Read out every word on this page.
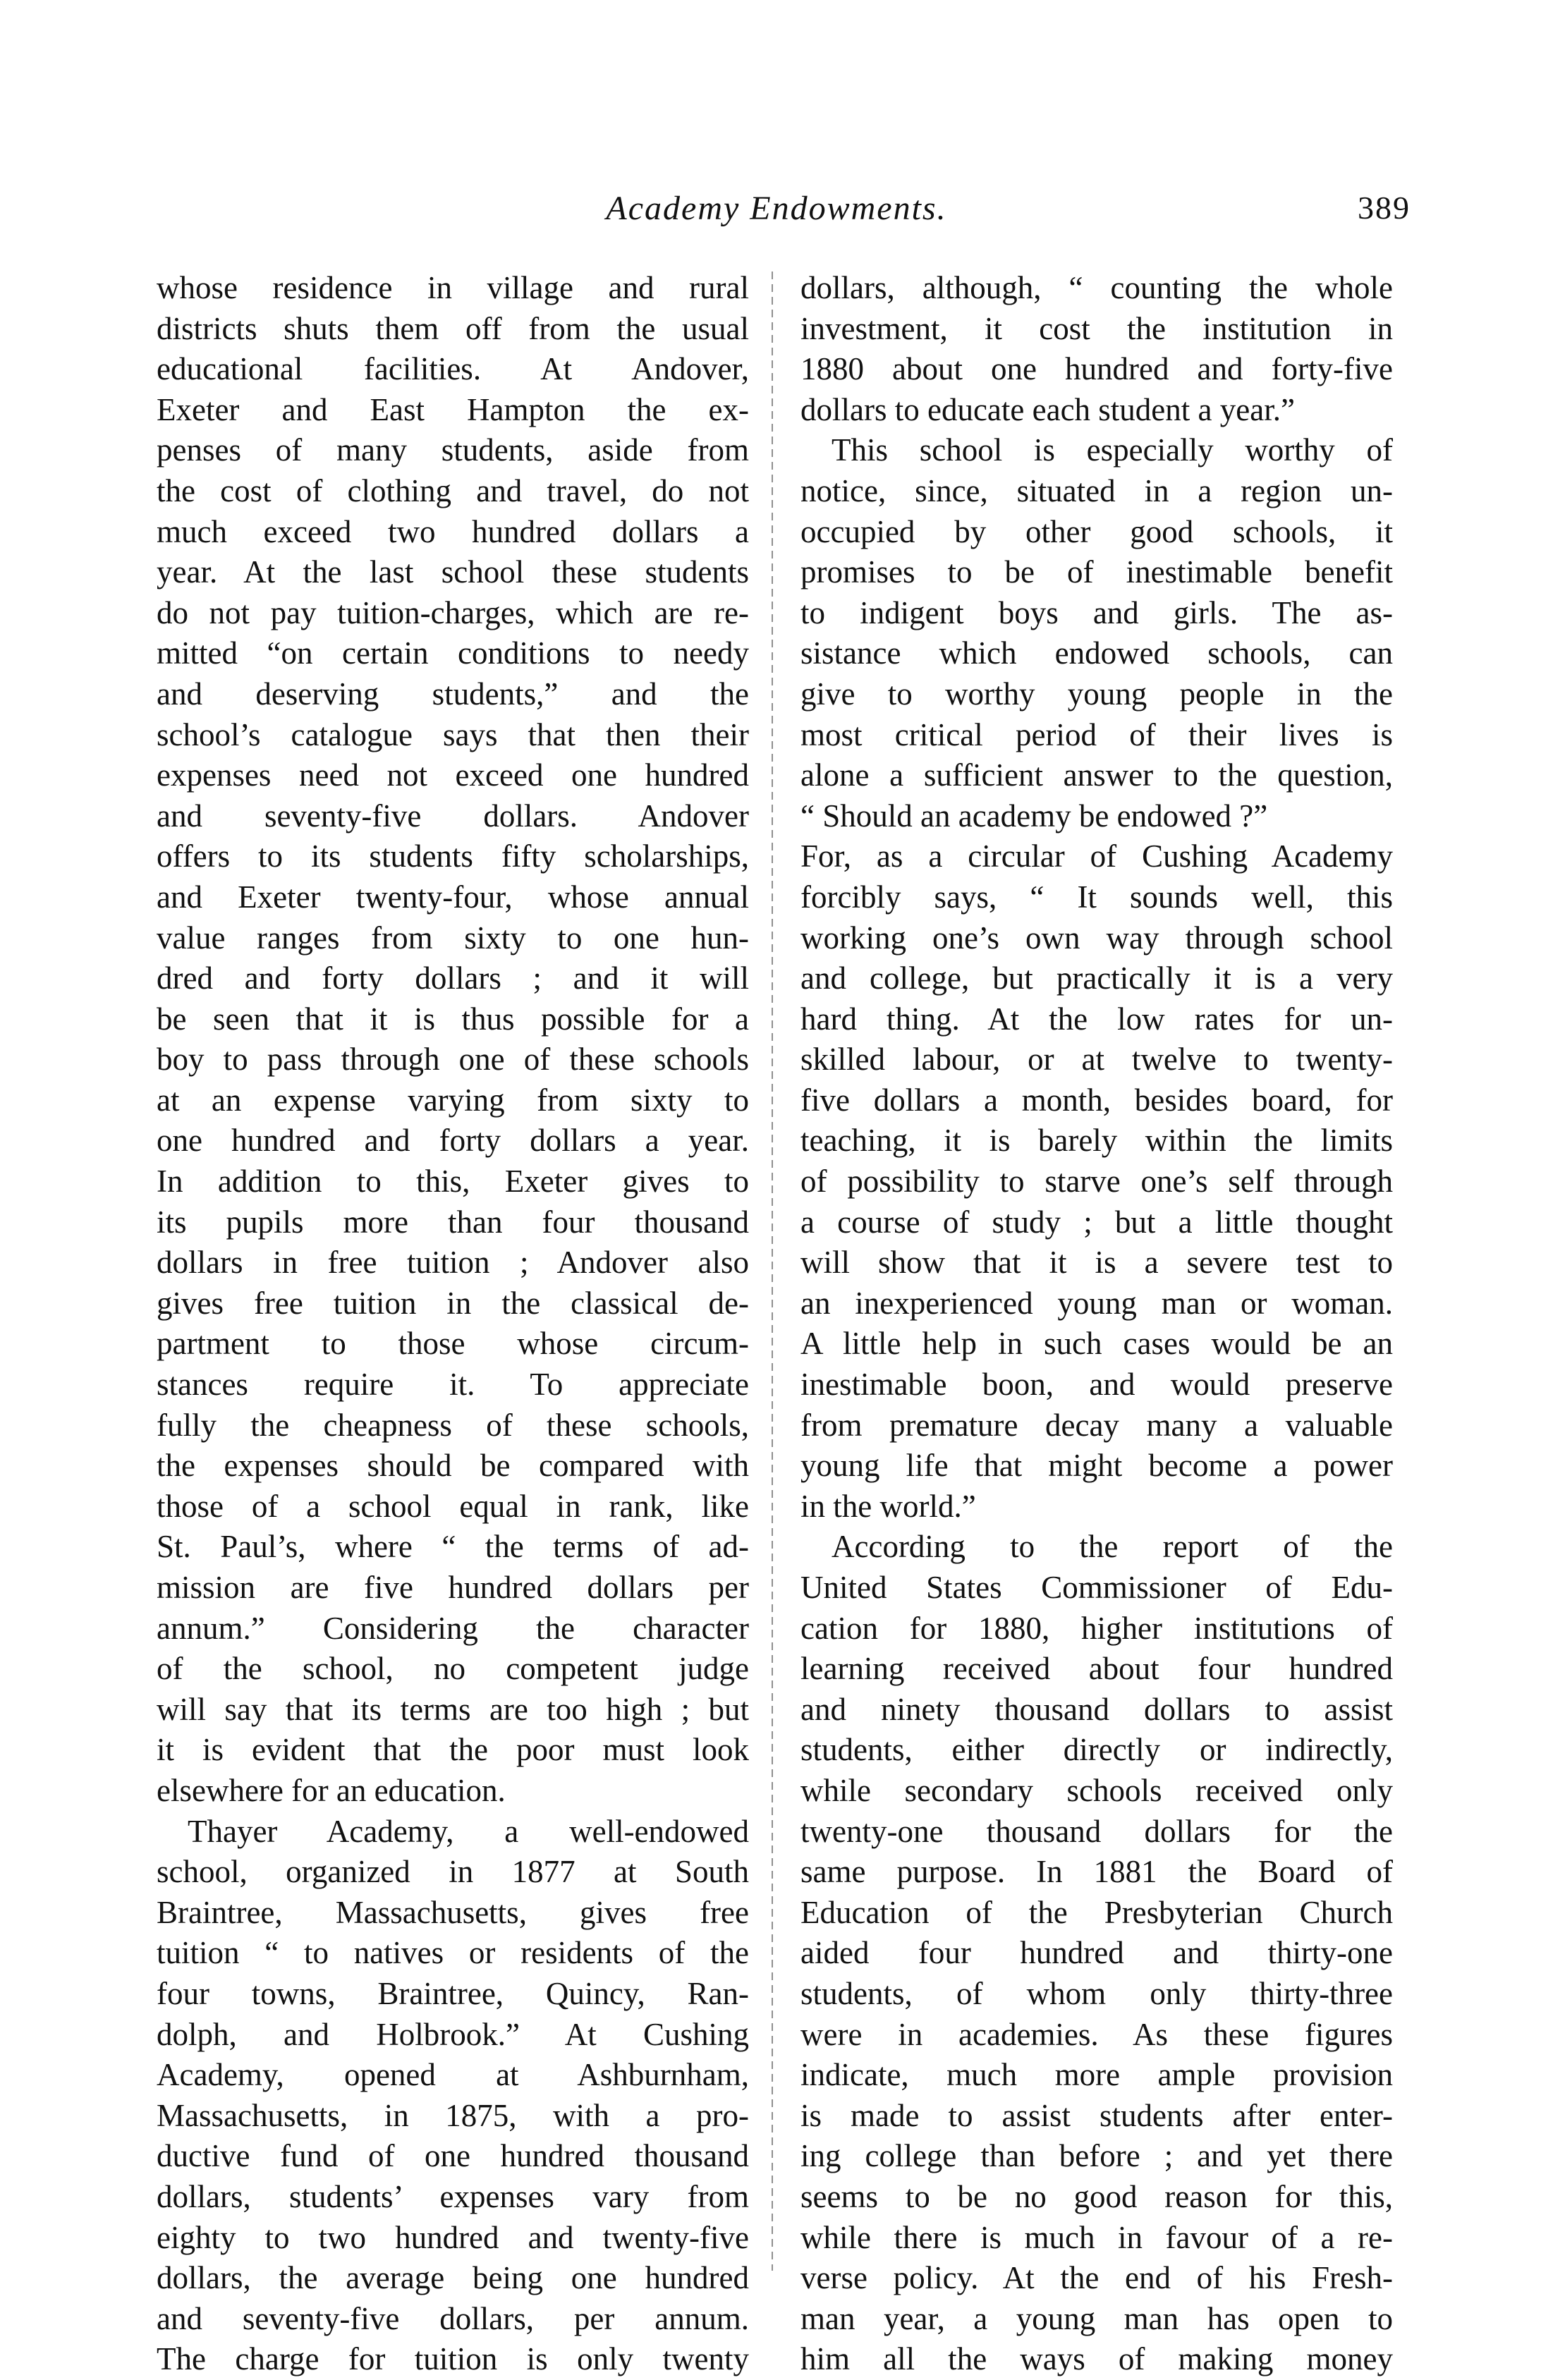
Academy Endowments.	389
whose residence in village and rural
districts shuts them off from the usual
educational facilities. At Andover,
Exeter and East Hampton the ex-
penses of many students, aside from
the cost of clothing and travel, do not
much exceed two hundred dollars a
year. At the last school these students
do not pay tuition-charges, which are re-
mitted “on certain conditions to needy
and deserving students,” and the
school’s catalogue says that then their
expenses need not exceed one hundred
and seventy-five dollars. Andover
offers to its students fifty scholarships,
and Exeter twenty-four, whose annual
value ranges from sixty to one hun-
dred and forty dollars ; and it will
be seen that it is thus possible for a
boy to pass through one of these schools
at an expense varying from sixty to
one hundred and forty dollars a year.
In addition to this, Exeter gives to
its pupils more than four thousand
dollars in free tuition ; Andover also
gives free tuition in the classical de-
partment to those whose circum-
stances require it. To appreciate
fully the cheapness of these schools,
the expenses should be compared with
those of a school equal in rank, like
St. Paul’s, where “ the terms of ad-
mission are five hundred dollars per
annum.” Considering the character
of the school, no competent judge
will say that its terms are too high ; but
it is evident that the poor must look
elsewhere for an education.
Thayer Academy, a well-endowed
school, organized in 1877 at South
Braintree, Massachusetts, gives free
tuition “ to natives or residents of the
four towns, Braintree, Quincy, Ran-
dolph, and Holbrook.” At Cushing
Academy, opened at Ashburnham,
Massachusetts, in 1875, with a pro-
ductive fund of one hundred thousand
dollars, students’ expenses vary from
eighty to two hundred and twenty-five
dollars, the average being one hundred
and seventy-five dollars, per annum.
The charge for tuition is only twenty
dollars, although, “ counting the whole
investment, it cost the institution in
1880 about one hundred and forty-five
dollars to educate each student a year.”
This school is especially worthy of
notice, since, situated in a region un-
occupied by other good schools, it
promises to be of inestimable benefit
to indigent boys and girls. The as-
sistance which endowed schools, can
give to worthy young people in the
most critical period of their lives is
alone a sufficient answer to the question,
“ Should an academy be endowed ?”
For, as a circular of Cushing Academy
forcibly says, “ It sounds well, this
working one’s own way through school
and college, but practically it is a very
hard thing. At the low rates for un-
skilled labour, or at twelve to twenty-
five dollars a month, besides board, for
teaching, it is barely within the limits
of possibility to starve one’s self through
a course of study ; but a little thought
will show that it is a severe test to
an inexperienced young man or woman.
A little help in such cases would be an
inestimable boon, and would preserve
from premature decay many a valuable
young life that might become a power
in the world.”
According to the report of the
United States Commissioner of Edu-
cation for 1880, higher institutions of
learning received about four hundred
and ninety thousand dollars to assist
students, either directly or indirectly,
while secondary schools received only
twenty-one thousand dollars for the
same purpose. In 1881 the Board of
Education of the Presbyterian Church
aided four hundred and thirty-one
students, of whom only thirty-three
were in academies. As these figures
indicate, much more ample provision
is made to assist students after enter-
ing college than before ; and yet there
seems to be no good reason for this,
while there is much in favour of a re-
verse policy. At the end of his Fresh-
man year, a young man has open to
him all the ways of making money
